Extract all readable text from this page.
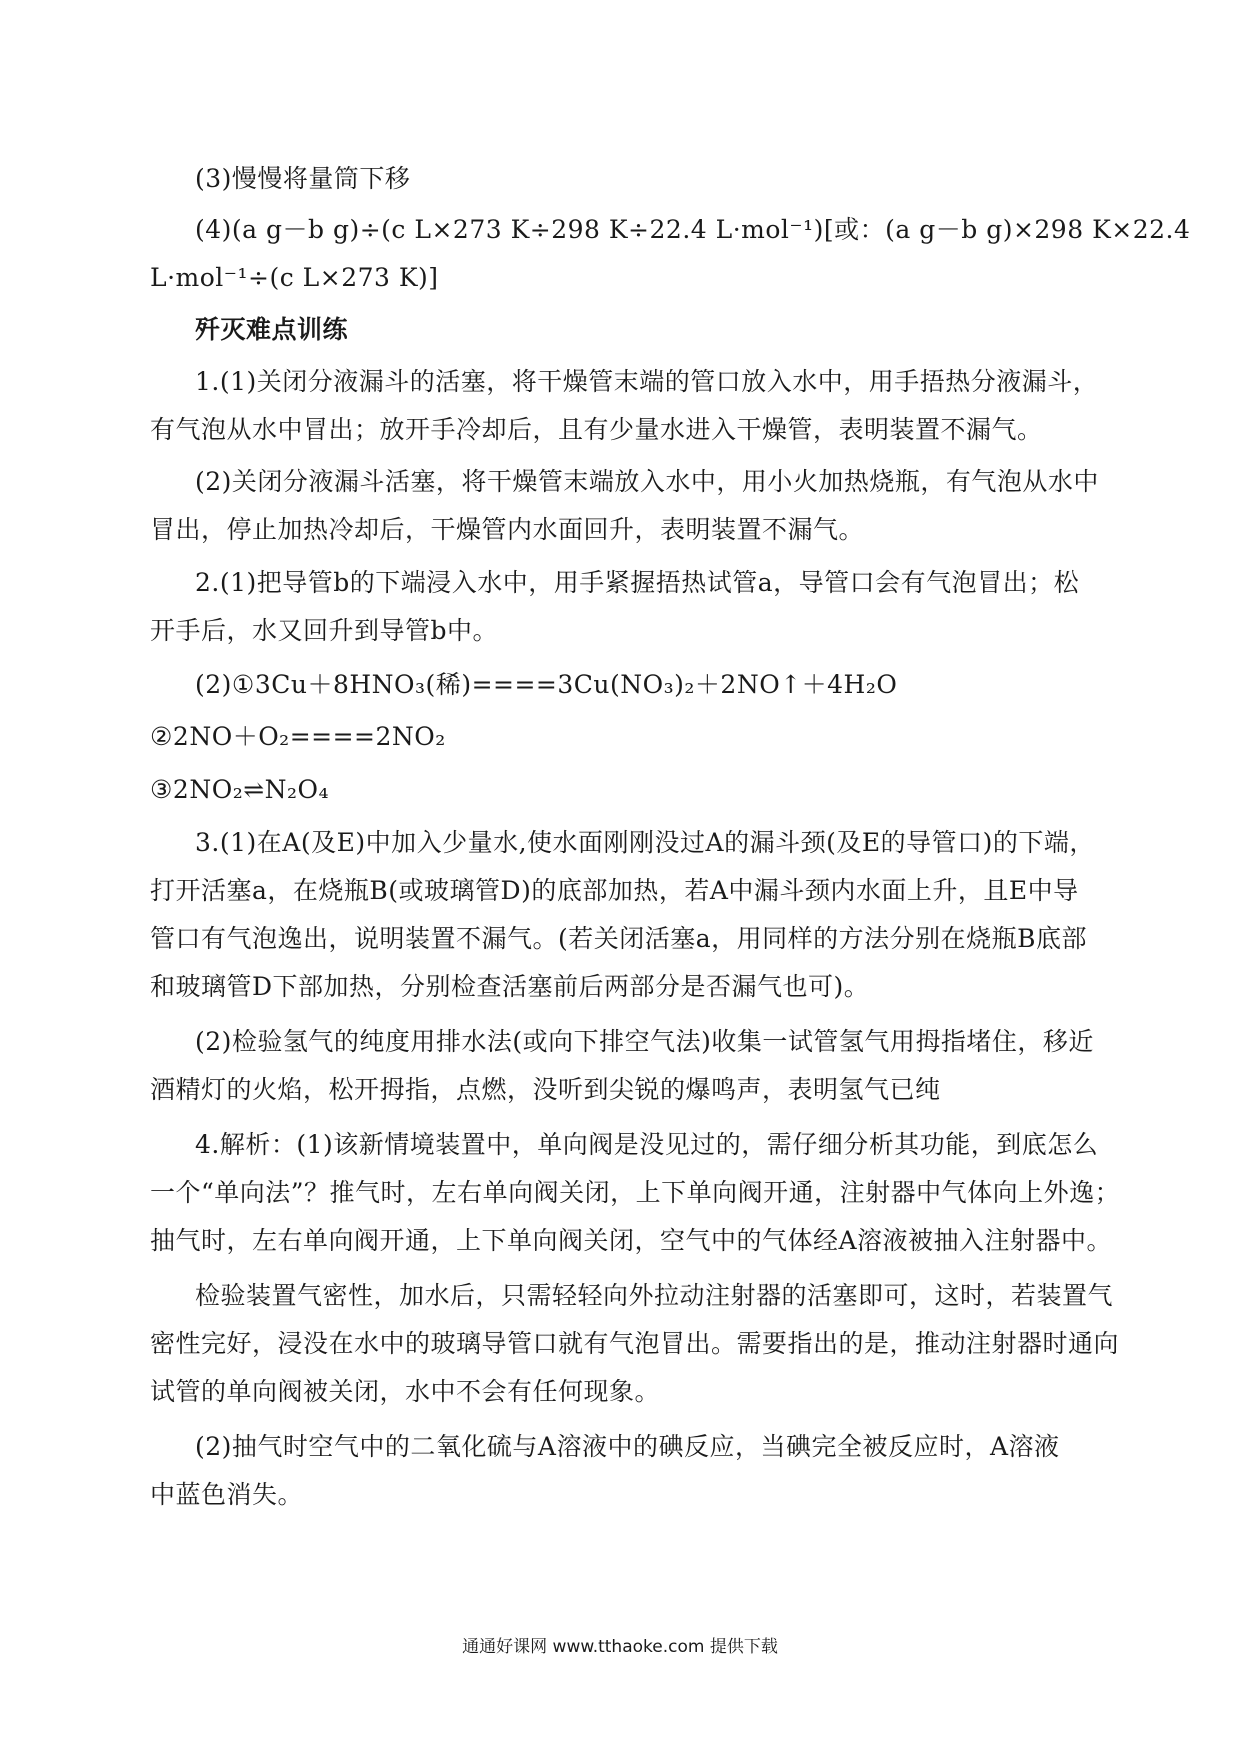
(3)慢慢将量筒下移
(4)(a g－b g)÷(c L×273 K÷298 K÷22.4 L·mol⁻¹)[或：(a g－b g)×298 K×22.4
L·mol⁻¹÷(c L×273 K)]
歼灭难点训练
1.(1)关闭分液漏斗的活塞，将干燥管末端的管口放入水中，用手捂热分液漏斗，
有气泡从水中冒出；放开手冷却后，且有少量水进入干燥管，表明装置不漏气。
(2)关闭分液漏斗活塞，将干燥管末端放入水中，用小火加热烧瓶，有气泡从水中
冒出，停止加热冷却后，干燥管内水面回升，表明装置不漏气。
2.(1)把导管b的下端浸入水中，用手紧握捂热试管a，导管口会有气泡冒出；松
开手后，水又回升到导管b中。
(2)①3Cu＋8HNO₃(稀)====3Cu(NO₃)₂＋2NO↑＋4H₂O
②2NO＋O₂====2NO₂
③2NO₂⇌N₂O₄
3.(1)在A(及E)中加入少量水,使水面刚刚没过A的漏斗颈(及E的导管口)的下端，
打开活塞a，在烧瓶B(或玻璃管D)的底部加热，若A中漏斗颈内水面上升，且E中导
管口有气泡逸出，说明装置不漏气。(若关闭活塞a，用同样的方法分别在烧瓶B底部
和玻璃管D下部加热，分别检查活塞前后两部分是否漏气也可)。
(2)检验氢气的纯度用排水法(或向下排空气法)收集一试管氢气用拇指堵住，移近
酒精灯的火焰，松开拇指，点燃，没听到尖锐的爆鸣声，表明氢气已纯
4.解析：(1)该新情境装置中，单向阀是没见过的，需仔细分析其功能，到底怎么
一个“单向法”？推气时，左右单向阀关闭，上下单向阀开通，注射器中气体向上外逸；
抽气时，左右单向阀开通，上下单向阀关闭，空气中的气体经A溶液被抽入注射器中。
检验装置气密性，加水后，只需轻轻向外拉动注射器的活塞即可，这时，若装置气
密性完好，浸没在水中的玻璃导管口就有气泡冒出。需要指出的是，推动注射器时通向
试管的单向阀被关闭，水中不会有任何现象。
(2)抽气时空气中的二氧化硫与A溶液中的碘反应，当碘完全被反应时，A溶液
中蓝色消失。
通通好课网 www.tthaoke.com 提供下载
